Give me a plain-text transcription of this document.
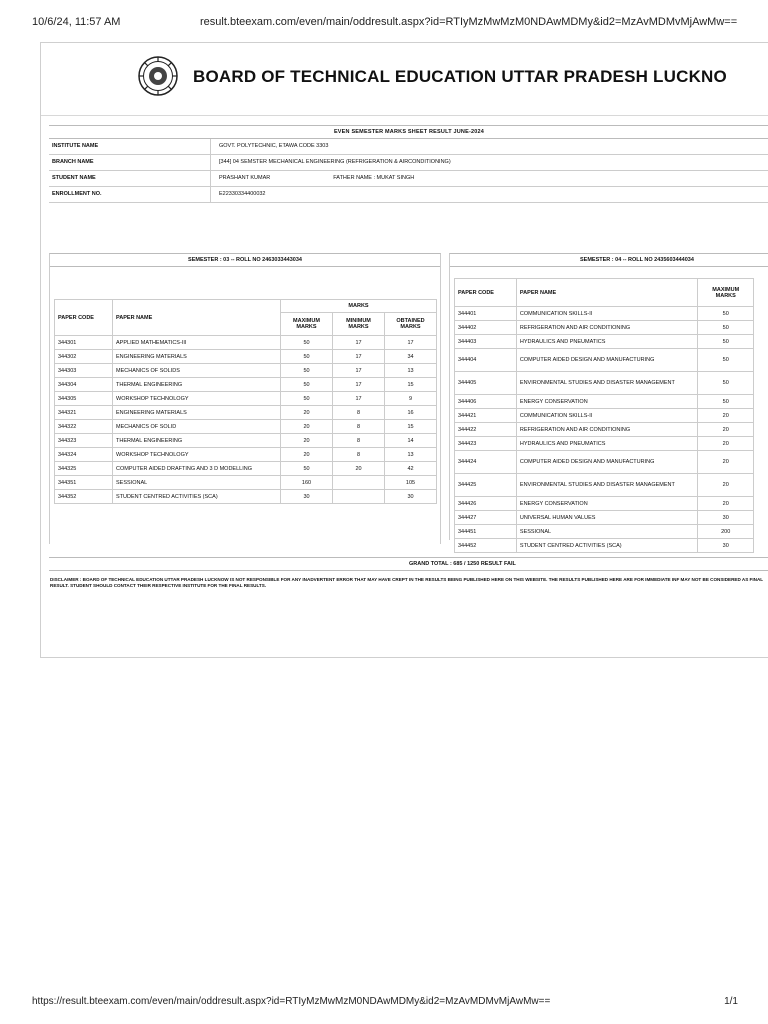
10/6/24, 11:57 AM	result.bteexam.com/even/main/oddresult.aspx?id=RTIyMzMwMzM0NDAwMDMy&id2=MzAvMDMvMjAwMw==
BOARD OF TECHNICAL EDUCATION UTTAR PRADESH LUCKNO
EVEN SEMESTER MARKS SHEET RESULT JUNE-2024
INSTITUTE NAME	GOVT. POLYTECHNIC, ETAWA CODE 3303
BRANCH NAME	[344] 04 SEMSTER MECHANICAL ENGINEERING (REFRIGERATION & AIRCONDITIONING)
STUDENT NAME	PRASHANT KUMAR	FATHER NAME : MUKAT SINGH
ENROLLMENT NO.	E22330334400032
SEMESTER : 03 -- ROLL NO 2463033443034
PAPER CODE	PAPER NAME	MARKS		
		MAXIMUM MARKS	MINIMUM MARKS	OBTAINED MARKS
344301	APPLIED MATHEMATICS-III	50	17	17
344302	ENGINEERING MATERIALS	50	17	34
344303	MECHANICS OF SOLIDS	50	17	13
344304	THERMAL ENGINEERING	50	17	15
344305	WORKSHOP TECHNOLOGY	50	17	9
344321	ENGINEERING MATERIALS	20	8	16
344322	MECHANICS OF SOLID	20	8	15
344323	THERMAL ENGINEERING	20	8	14
344324	WORKSHOP TECHNOLOGY	20	8	13
344325	COMPUTER AIDED DRAFTING AND 3 D MODELLING	50	20	42
344351	SESSIONAL	160		105
344352	STUDENT CENTRED ACTIVITIES (SCA)	30		30
SEMESTER : 04 -- ROLL NO 2435603444034
PAPER CODE	PAPER NAME	MAXIMUM MARKS
344401	COMMUNICATION SKILLS-II	50
344402	REFRIGERATION AND AIR CONDITIONING	50
344403	HYDRAULICS AND PNEUMATICS	50
344404	COMPUTER AIDED DESIGN AND MANUFACTURING	50
344405	ENVIRONMENTAL STUDIES AND DISASTER MANAGEMENT	50
344406	ENERGY CONSERVATION	50
344421	COMMUNICATION SKILLS-II	20
344422	REFRIGERATION AND AIR CONDITIONING	20
344423	HYDRAULICS AND PNEUMATICS	20
344424	COMPUTER AIDED DESIGN AND MANUFACTURING	20
344425	ENVIRONMENTAL STUDIES AND DISASTER MANAGEMENT	20
344426	ENERGY CONSERVATION	20
344427	UNIVERSAL HUMAN VALUES	30
344451	SESSIONAL	200
344452	STUDENT CENTRED ACTIVITIES (SCA)	30
GRAND TOTAL : 685 / 1250 RESULT FAIL
DISCLAIMER : BOARD OF TECHNICAL EDUCATION UTTAR PRADESH LUCKNOW IS NOT RESPONSIBLE FOR ANY INADVERTENT ERROR THAT MAY HAVE CREPT IN THE RESULTS BEING PUBLISHED HERE ON THIS WEBSITE. THE RESULTS PUBLISHED HERE ARE FOR IMMEDIATE INF MAY NOT BE CONSIDERED AS FINAL RESULT. STUDENT SHOULD CONTACT THEIR RESPECTIVE INSTITUTE FOR THE FINAL RESULTS.
https://result.bteexam.com/even/main/oddresult.aspx?id=RTIyMzMwMzM0NDAwMDMy&id2=MzAvMDMvMjAwMw==	1/1
